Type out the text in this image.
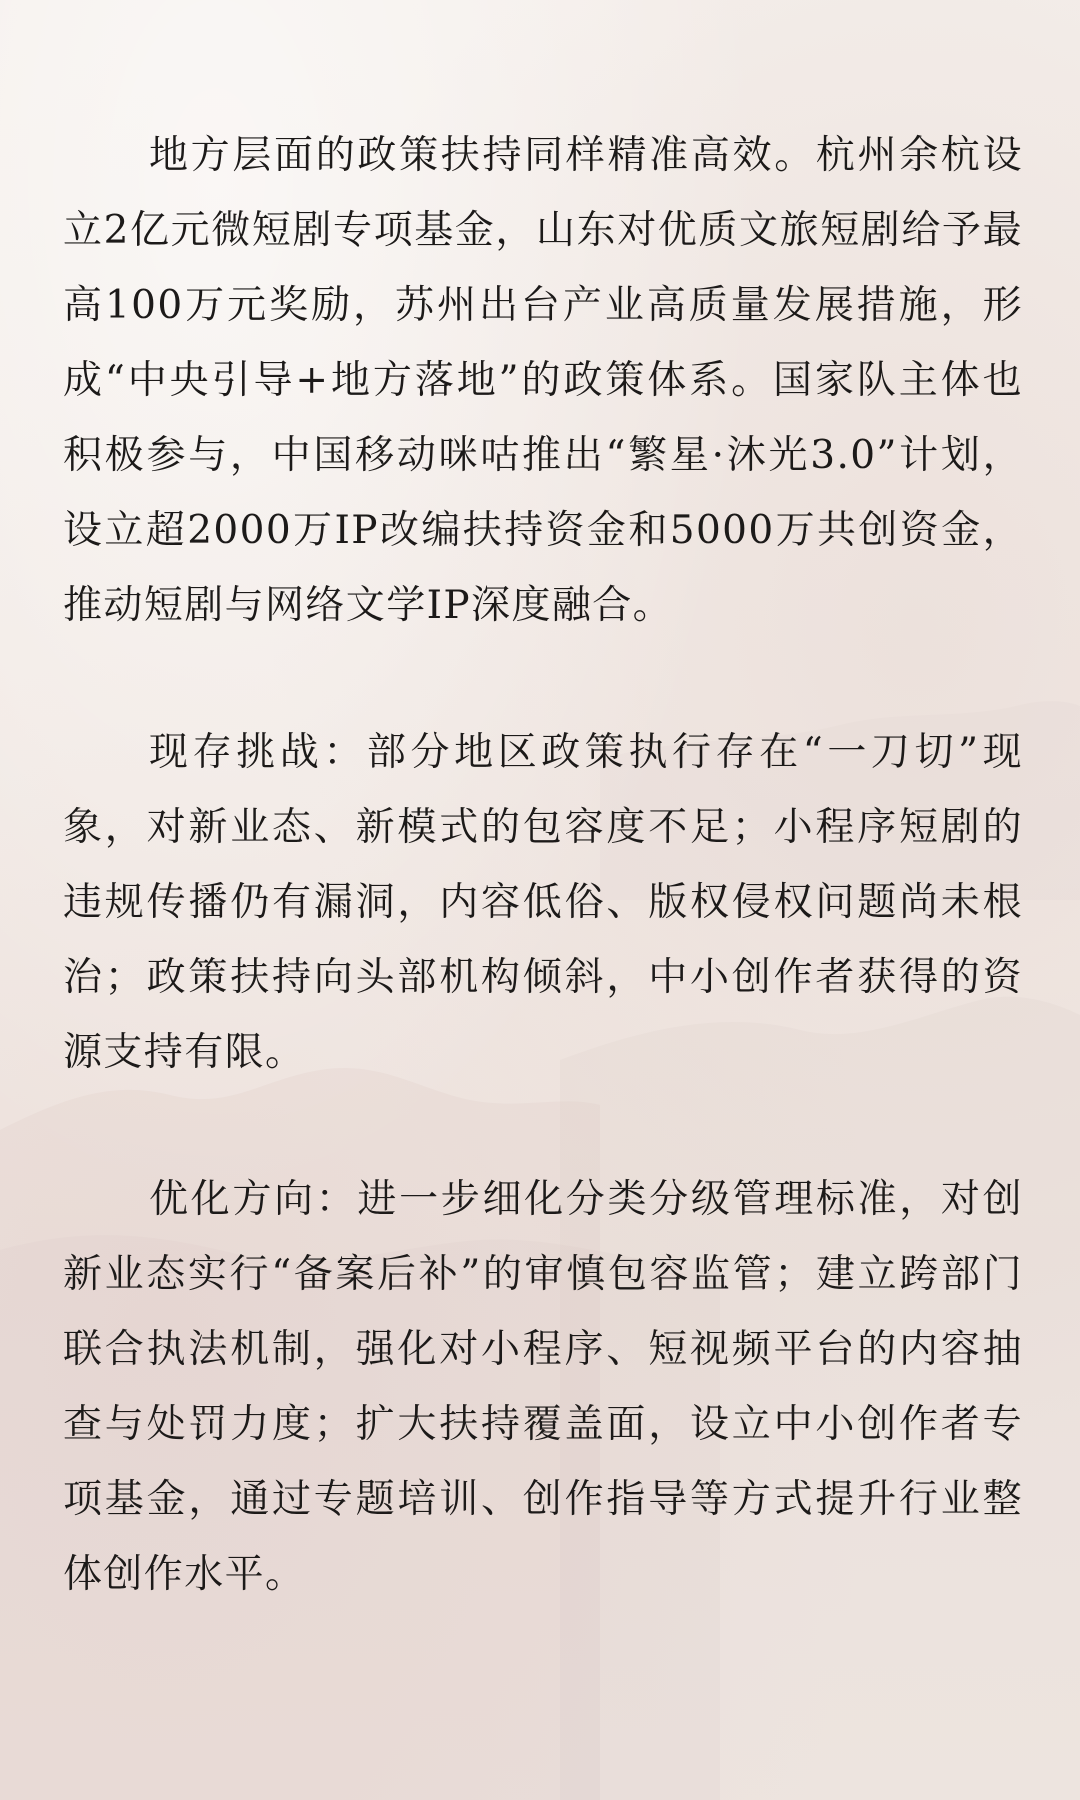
地方层面的政策扶持同样精准高效。杭州余杭设立2亿元微短剧专项基金，山东对优质文旅短剧给予最高100万元奖励，苏州出台产业高质量发展措施，形成“中央引导+地方落地”的政策体系。国家队主体也积极参与，中国移动咪咕推出“繁星·沐光3.0”计划，设立超2000万IP改编扶持资金和5000万共创资金，推动短剧与网络文学IP深度融合。

现存挑战：部分地区政策执行存在“一刀切”现象，对新业态、新模式的包容度不足；小程序短剧的违规传播仍有漏洞，内容低俗、版权侵权问题尚未根治；政策扶持向头部机构倾斜，中小创作者获得的资源支持有限。

优化方向：进一步细化分类分级管理标准，对创新业态实行“备案后补”的审慎包容监管；建立跨部门联合执法机制，强化对小程序、短视频平台的内容抽查与处罚力度；扩大扶持覆盖面，设立中小创作者专项基金，通过专题培训、创作指导等方式提升行业整体创作水平。
